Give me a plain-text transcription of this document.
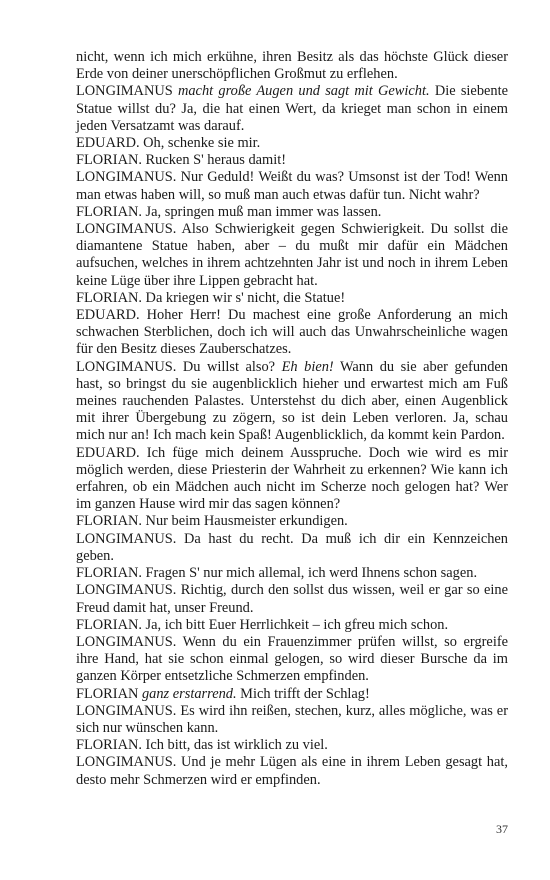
nicht, wenn ich mich erkühne, ihren Besitz als das höchste Glück dieser Erde von deiner unerschöpflichen Großmut zu erflehen.

LONGIMANUS macht große Augen und sagt mit Gewicht. Die siebente Statue willst du? Ja, die hat einen Wert, da krieget man schon in einem jeden Versatzamt was darauf.

EDUARD. Oh, schenke sie mir.

FLORIAN. Rucken S' heraus damit!

LONGIMANUS. Nur Geduld! Weißt du was? Umsonst ist der Tod! Wenn man etwas haben will, so muß man auch etwas dafür tun. Nicht wahr?

FLORIAN. Ja, springen muß man immer was lassen.

LONGIMANUS. Also Schwierigkeit gegen Schwierigkeit. Du sollst die diamantene Statue haben, aber – du mußt mir dafür ein Mädchen aufsuchen, welches in ihrem achtzehnten Jahr ist und noch in ihrem Leben keine Lüge über ihre Lippen gebracht hat.

FLORIAN. Da kriegen wir s' nicht, die Statue!

EDUARD. Hoher Herr! Du machest eine große Anforderung an mich schwachen Sterblichen, doch ich will auch das Unwahrscheinliche wagen für den Besitz dieses Zauberschatzes.

LONGIMANUS. Du willst also? Eh bien! Wann du sie aber gefunden hast, so bringst du sie augenblicklich hieher und erwartest mich am Fuß meines rauchenden Palastes. Unterstehst du dich aber, einen Augenblick mit ihrer Übergebung zu zögern, so ist dein Leben verloren. Ja, schau mich nur an! Ich mach kein Spaß! Augenblicklich, da kommt kein Pardon.

EDUARD. Ich füge mich deinem Ausspruche. Doch wie wird es mir möglich werden, diese Priesterin der Wahrheit zu erkennen? Wie kann ich erfahren, ob ein Mädchen auch nicht im Scherze noch gelogen hat? Wer im ganzen Hause wird mir das sagen können?

FLORIAN. Nur beim Hausmeister erkundigen.

LONGIMANUS. Da hast du recht. Da muß ich dir ein Kennzeichen geben.

FLORIAN. Fragen S' nur mich allemal, ich werd Ihnens schon sagen.

LONGIMANUS. Richtig, durch den sollst dus wissen, weil er gar so eine Freud damit hat, unser Freund.

FLORIAN. Ja, ich bitt Euer Herrlichkeit – ich gfreu mich schon.

LONGIMANUS. Wenn du ein Frauenzimmer prüfen willst, so ergreife ihre Hand, hat sie schon einmal gelogen, so wird dieser Bursche da im ganzen Körper entsetzliche Schmerzen empfinden.

FLORIAN ganz erstarrend. Mich trifft der Schlag!

LONGIMANUS. Es wird ihn reißen, stechen, kurz, alles mögliche, was er sich nur wünschen kann.

FLORIAN. Ich bitt, das ist wirklich zu viel.

LONGIMANUS. Und je mehr Lügen als eine in ihrem Leben gesagt hat, desto mehr Schmerzen wird er empfinden.

37
